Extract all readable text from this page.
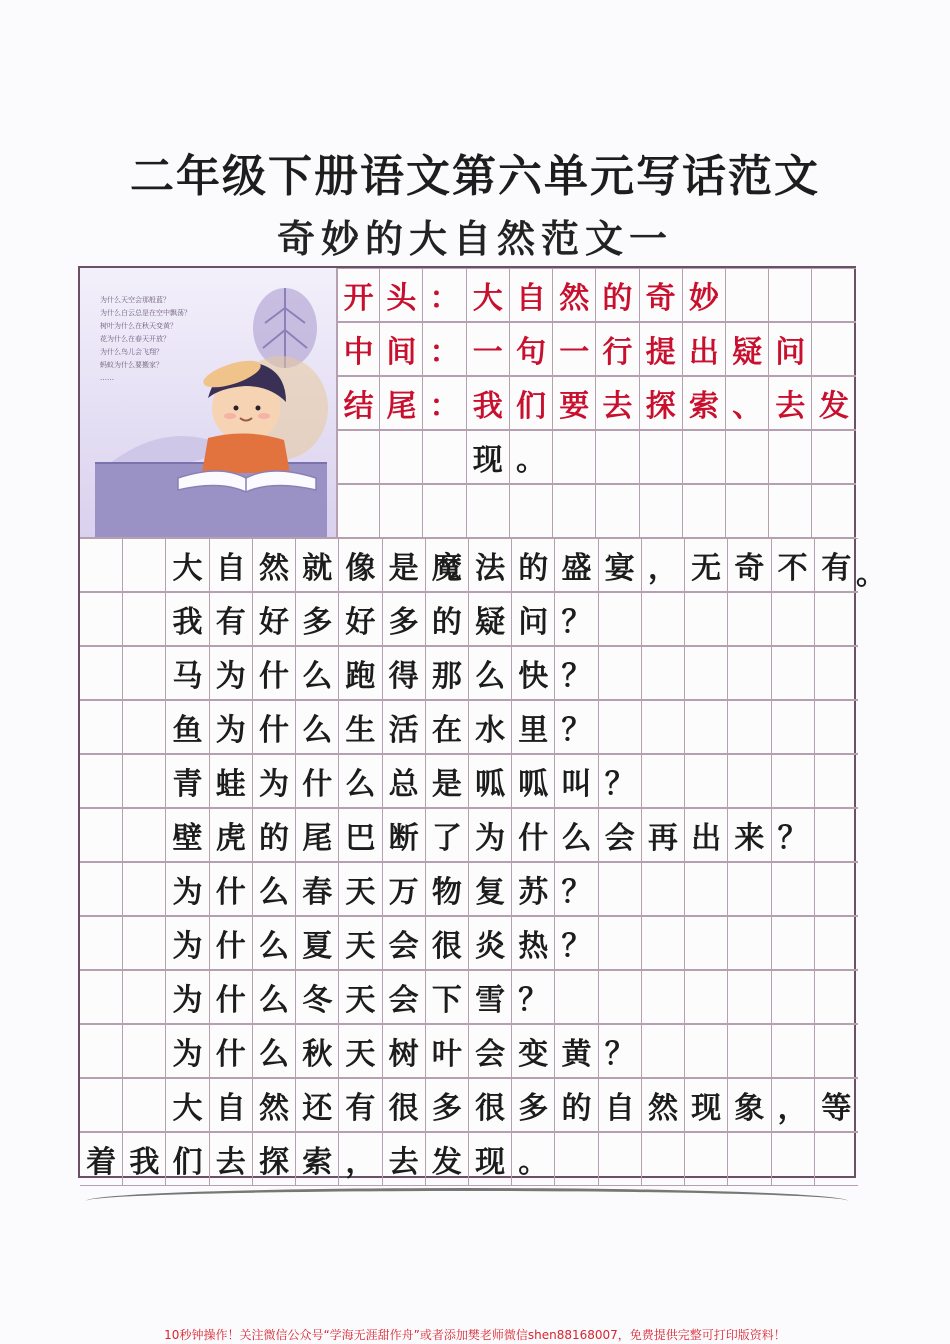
二年级下册语文第六单元写话范文
奇妙的大自然范文一
为什么天空会那般蓝？
为什么白云总是在空中飘荡？
树叶为什么在秋天变黄？
花为什么在春天开放？
为什么鸟儿会飞翔？
蚂蚁为什么要搬家？
……
开 头 ： 大 自 然 的 奇 妙
中 间 ： 一 句 一 行 提 出 疑 问
结 尾 ： 我 们 要 去 探 索 、 去 发
现 。
大 自 然 就 像 是 魔 法 的 盛 宴 ， 无 奇 不 有
我 有 好 多 好 多 的 疑 问 ？
马 为 什 么 跑 得 那 么 快 ？
鱼 为 什 么 生 活 在 水 里 ？
青 蛙 为 什 么 总 是 呱 呱 叫 ？
壁 虎 的 尾 巴 断 了 为 什 么 会 再 出 来 ？
为 什 么 春 天 万 物 复 苏 ？
为 什 么 夏 天 会 很 炎 热 ？
为 什 么 冬 天 会 下 雪 ？
为 什 么 秋 天 树 叶 会 变 黄 ？
大 自 然 还 有 很 多 很 多 的 自 然 现 象 ， 等
着 我 们 去 探 索 ， 去 发 现 。
。
10秒钟操作！关注微信公众号“学海无涯甜作舟”或者添加樊老师微信shen88168007，免费提供完整可打印版资料！
